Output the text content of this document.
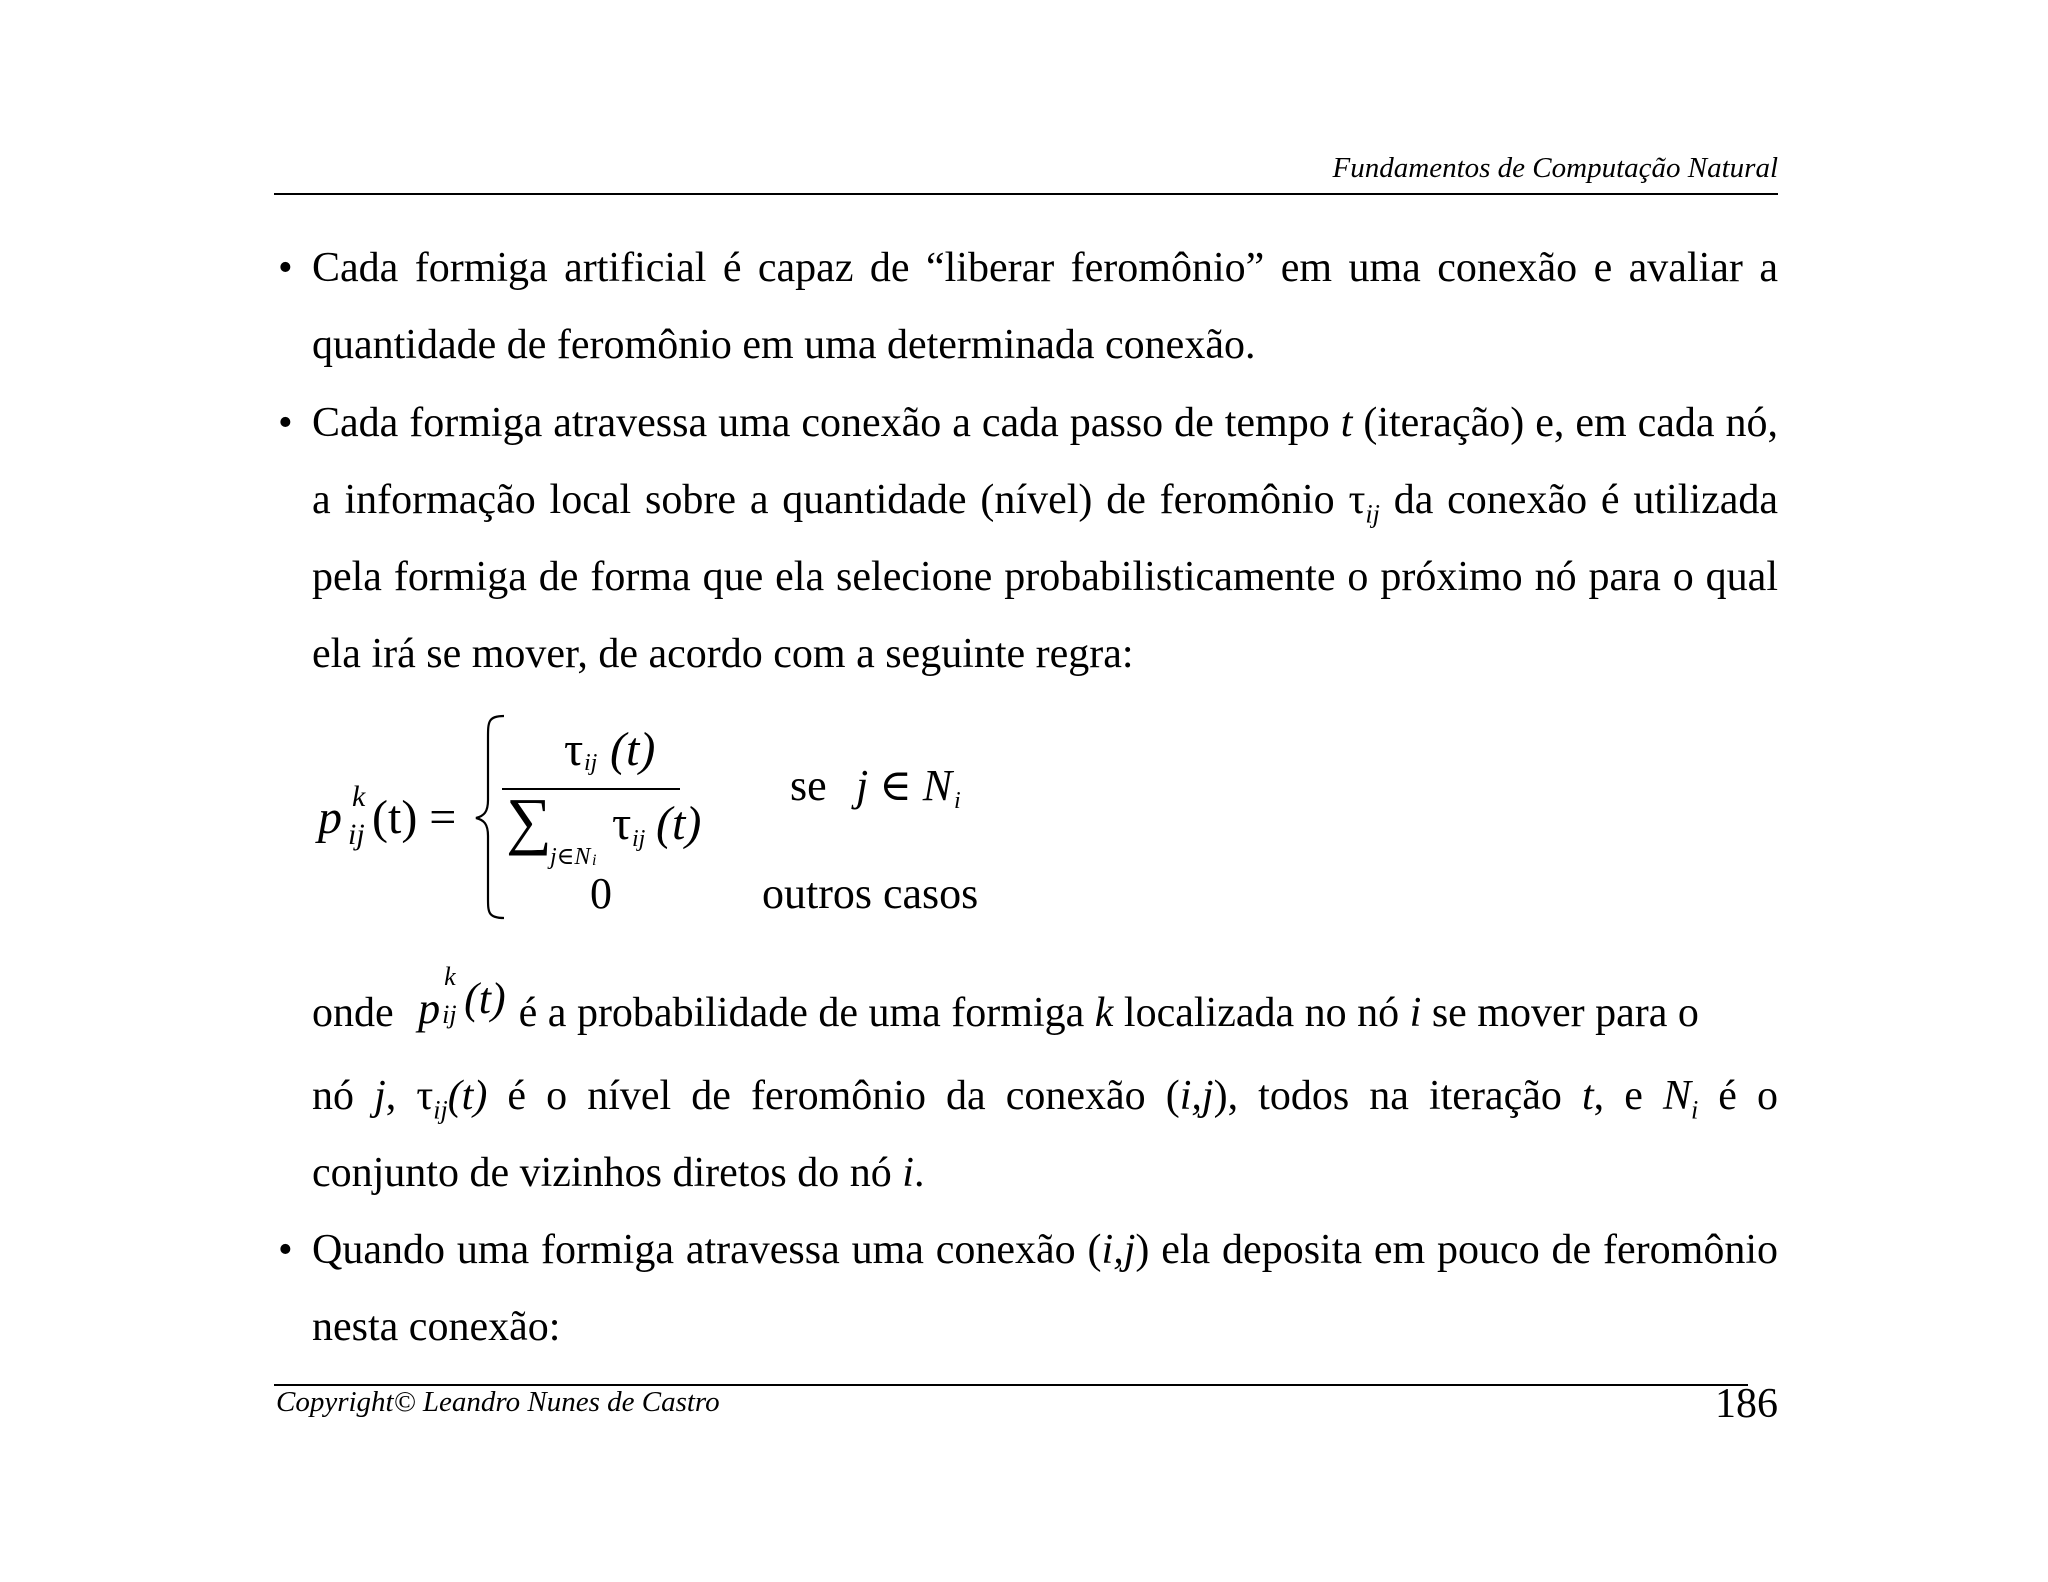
Fundamentos de Computação Natural
• Cada formiga artificial é capaz de “liberar feromônio” em uma conexão e avaliar a quantidade de feromônio em uma determinada conexão.
• Cada formiga atravessa uma conexão a cada passo de tempo t (iteração) e, em cada nó, a informação local sobre a quantidade (nível) de feromônio $\tau_{ij}$ da conexão é utilizada pela formiga de forma que ela selecione probabilisticamente o próximo nó para o qual ela irá se mover, de acordo com a seguinte regra:
p k
ij (t) =
τ ij (t)
∑
j∈N i
τ ij (t)
se j ∈ N i
0	outros casos
onde p
k
ij (t) é a probabilidade de uma formiga k localizada no nó i se mover para o
nó j, $\tau_{ij}(t)$ é o nível de feromônio da conexão (i,j), todos na iteração t, e $N_i$ é o
conjunto de vizinhos diretos do nó i.
• Quando uma formiga atravessa uma conexão (i,j) ela deposita em pouco de feromônio nesta conexão:
Copyright© Leandro Nunes de Castro	186
